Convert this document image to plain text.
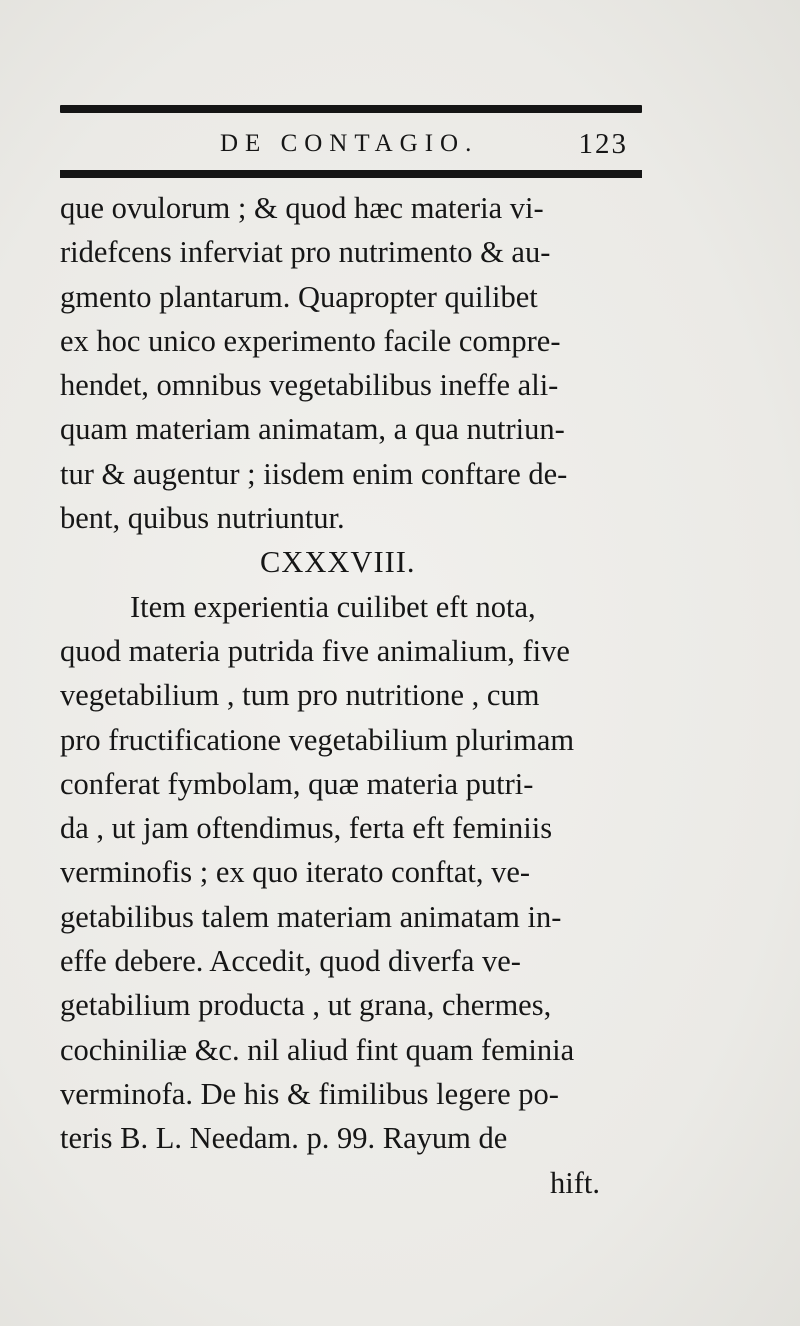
DE CONTAGIO.	123
que ovulorum ; & quod hæc materia vi-
ridefcens inferviat pro nutrimento & au-
gmento plantarum. Quapropter quilibet
ex hoc unico experimento facile compre-
hendet, omnibus vegetabilibus ineffe ali-
quam materiam animatam, a qua nutriun-
tur & augentur ; iisdem enim conftare de-
bent, quibus nutriuntur.
CXXXVIII.
Item experientia cuilibet eft nota,
quod materia putrida five animalium, five
vegetabilium , tum pro nutritione , cum
pro fructificatione vegetabilium plurimam
conferat fymbolam, quæ materia putri-
da , ut jam oftendimus, ferta eft feminiis
verminofis ; ex quo iterato conftat, ve-
getabilibus talem materiam animatam in-
effe debere. Accedit, quod diverfa ve-
getabilium producta , ut grana, chermes,
cochiniliæ &c. nil aliud fint quam feminia
verminofa. De his & fimilibus legere po-
teris B. L. Needam. p. 99. Rayum de
hift.
